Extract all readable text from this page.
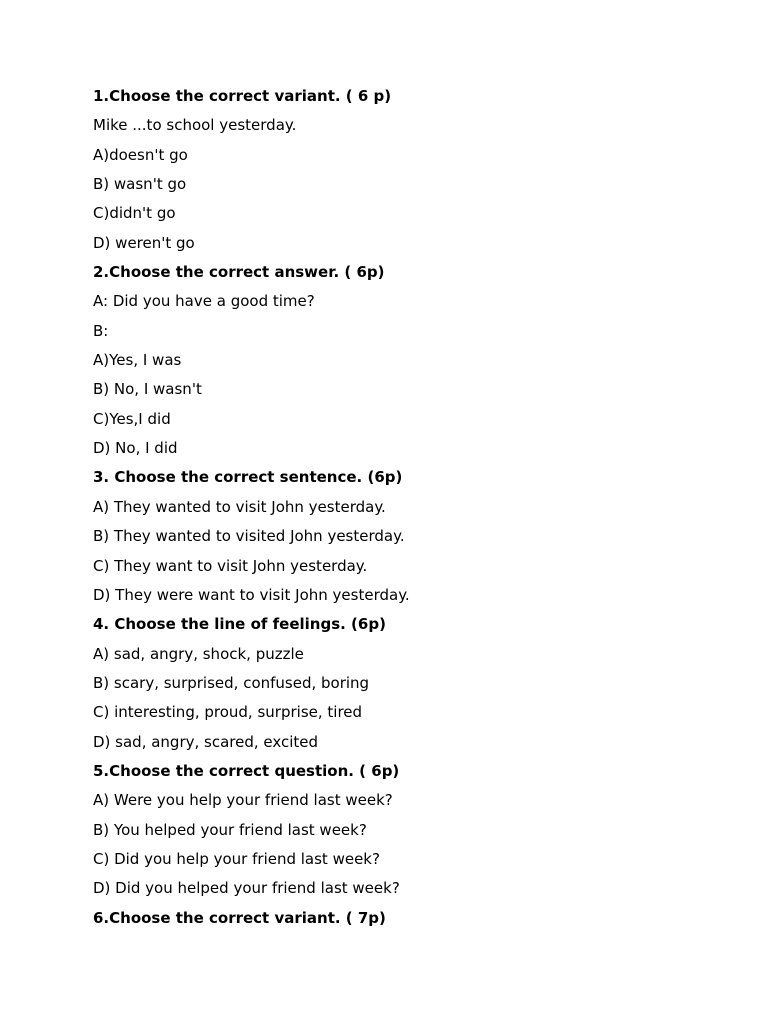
1.Choose the correct variant. ( 6 p)
Mike ...to school yesterday.
A)doesn't go
B) wasn't go
C)didn't go
D) weren't go
2.Choose the correct answer. ( 6p)
A: Did you have a good time?
B:
A)Yes, I was
B) No, I wasn't
C)Yes,I did
D) No, I did
3. Choose the correct sentence. (6p)
A) They wanted to visit John yesterday.
B) They wanted to visited John yesterday.
C) They want to visit John yesterday.
D) They were want to visit John yesterday.
4. Choose the line of feelings. (6p)
A) sad, angry, shock, puzzle
B) scary, surprised, confused, boring
C) interesting, proud, surprise, tired
D) sad, angry, scared, excited
5.Choose the correct question. ( 6p)
A) Were you help your friend last week?
B) You helped your friend last week?
C) Did you help your friend last week?
D) Did you helped your friend last week?
6.Choose the correct variant. ( 7p)
